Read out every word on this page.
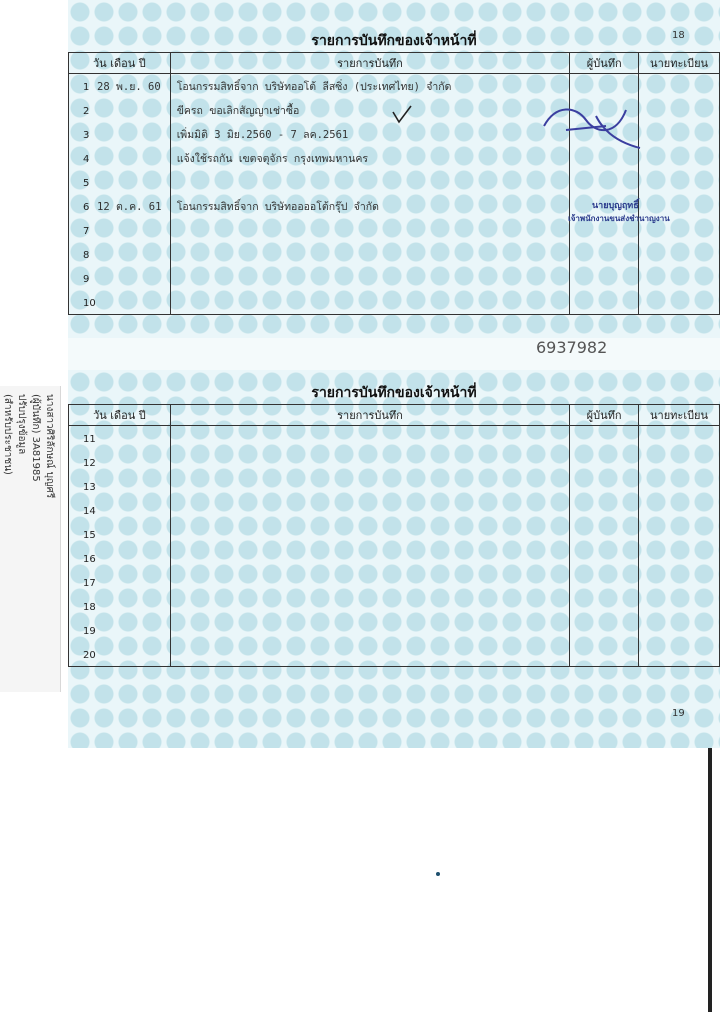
รายการบันทึกของเจ้าหน้าที่	18
วัน เดือน ปี	รายการบันทึก	ผู้บันทึก	นายทะเบียน
1 28 พ.ย. 60	โอนกรรมสิทธิ์จาก บริษัทออโต้ ลีสซิ่ง (ประเทศไทย) จำกัด		
2	ขีครถ ขอเลิกสัญญาเช่าซื้อ		
3	เพิ่มมิติ 3 มิย.2560 - 7 ลค.2561		
4	แจ้งใช้รถกัน เขตจตุจักร กรุงเทพมหานคร		
5			
6 12 ต.ค. 61	โอนกรรมสิทธิ์จาก บริษัทออออโต้กรุ๊ป จำกัด		
7			
8			
9			
10			
นายบุญฤทธิ์
เจ้าพนักงานขนส่งชำนาญงาน
6937982
รายการบันทึกของเจ้าหน้าที่
วัน เดือน ปี	รายการบันทึก	ผู้บันทึก	นายทะเบียน
11			
12			
13			
14			
15			
16			
17			
18			
19			
20			
19
นางสาวศิริลักษณ์ บุญศรี
(ผู้บันทึก) 3A81985
ปรับปรุงข้อมูล
(สำหรับประชาชน)
